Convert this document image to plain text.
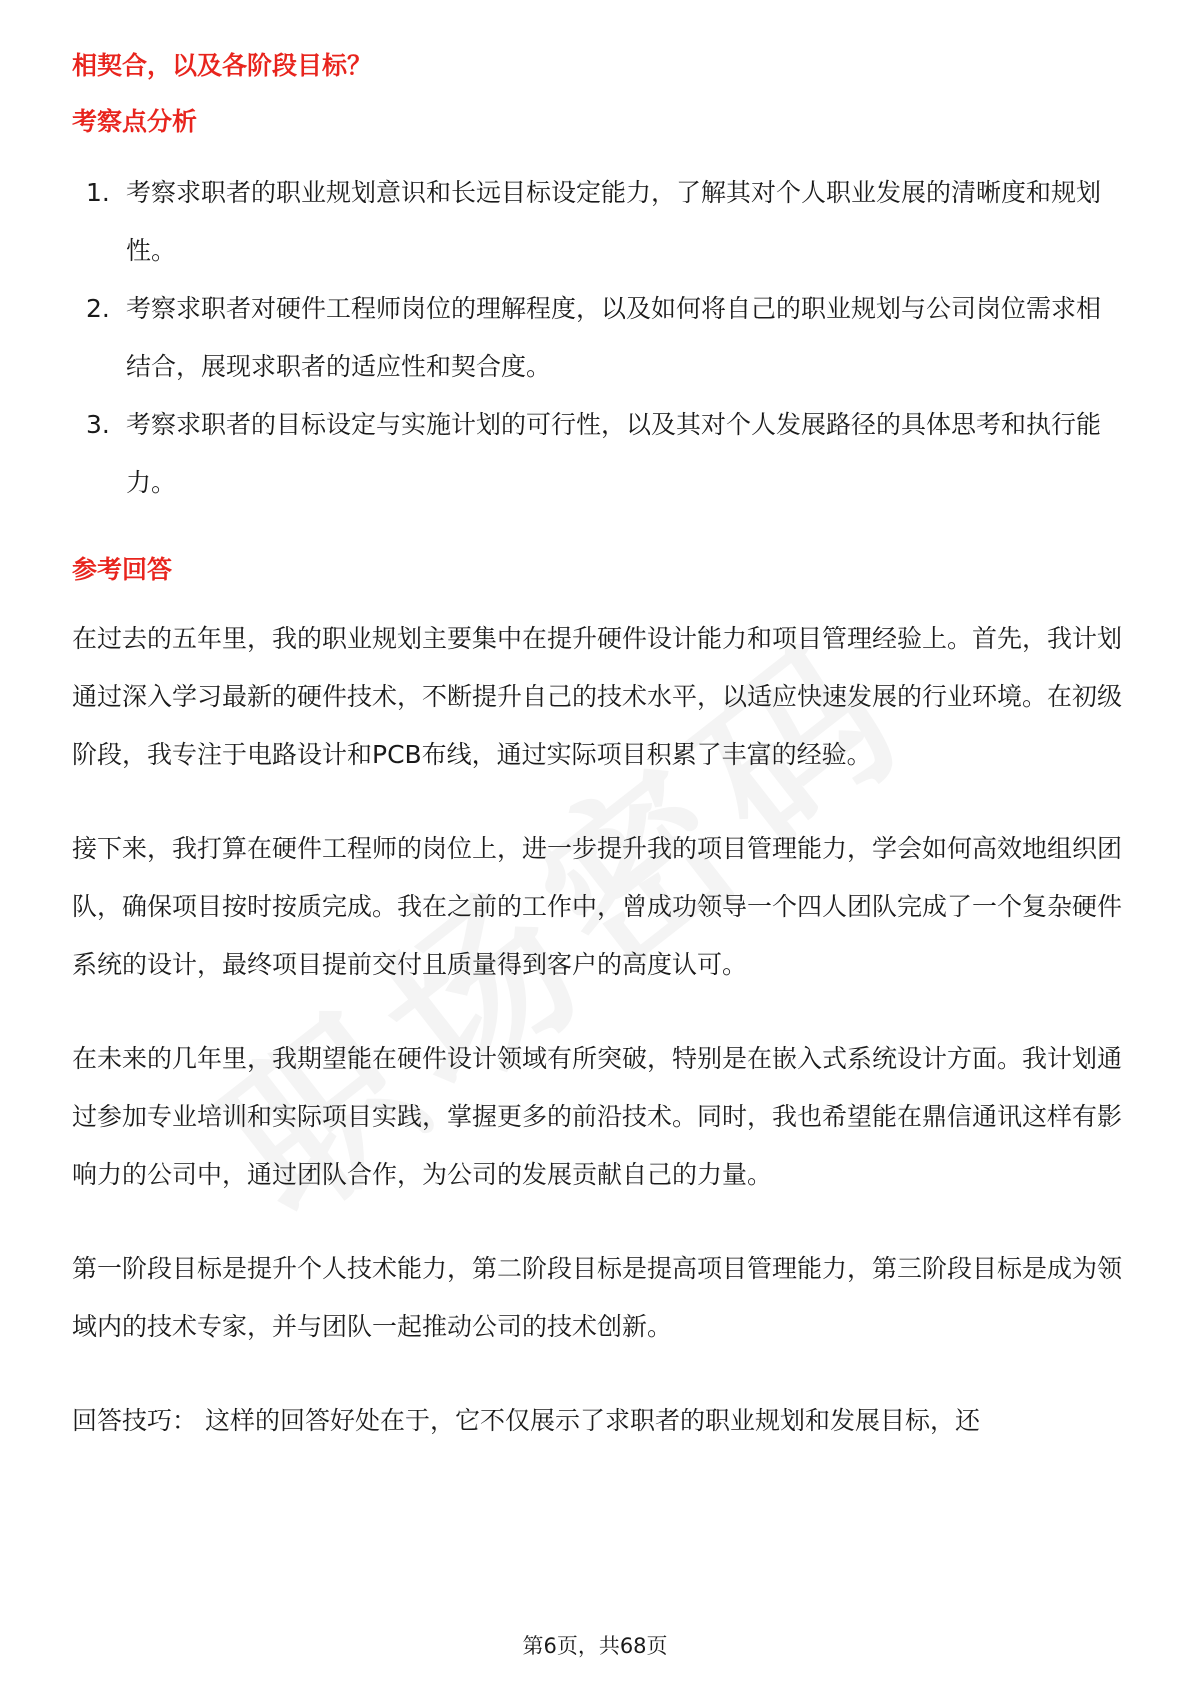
相契合，以及各阶段目标？

考察点分析

1. 考察求职者的职业规划意识和长远目标设定能力，了解其对个人职业发展的清晰度和规划性。
2. 考察求职者对硬件工程师岗位的理解程度，以及如何将自己的职业规划与公司岗位需求相结合，展现求职者的适应性和契合度。
3. 考察求职者的目标设定与实施计划的可行性，以及其对个人发展路径的具体思考和执行能力。

参考回答

在过去的五年里，我的职业规划主要集中在提升硬件设计能力和项目管理经验上。首先，我计划通过深入学习最新的硬件技术，不断提升自己的技术水平，以适应快速发展的行业环境。在初级阶段，我专注于电路设计和PCB布线，通过实际项目积累了丰富的经验。

接下来，我打算在硬件工程师的岗位上，进一步提升我的项目管理能力，学会如何高效地组织团队，确保项目按时按质完成。我在之前的工作中，曾成功领导一个四人团队完成了一个复杂硬件系统的设计，最终项目提前交付且质量得到客户的高度认可。

在未来的几年里，我期望能在硬件设计领域有所突破，特别是在嵌入式系统设计方面。我计划通过参加专业培训和实际项目实践，掌握更多的前沿技术。同时，我也希望能在鼎信通讯这样有影响力的公司中，通过团队合作，为公司的发展贡献自己的力量。

第一阶段目标是提升个人技术能力，第二阶段目标是提高项目管理能力，第三阶段目标是成为领域内的技术专家，并与团队一起推动公司的技术创新。

回答技巧： 这样的回答好处在于，它不仅展示了求职者的职业规划和发展目标，还

第6页，共68页
